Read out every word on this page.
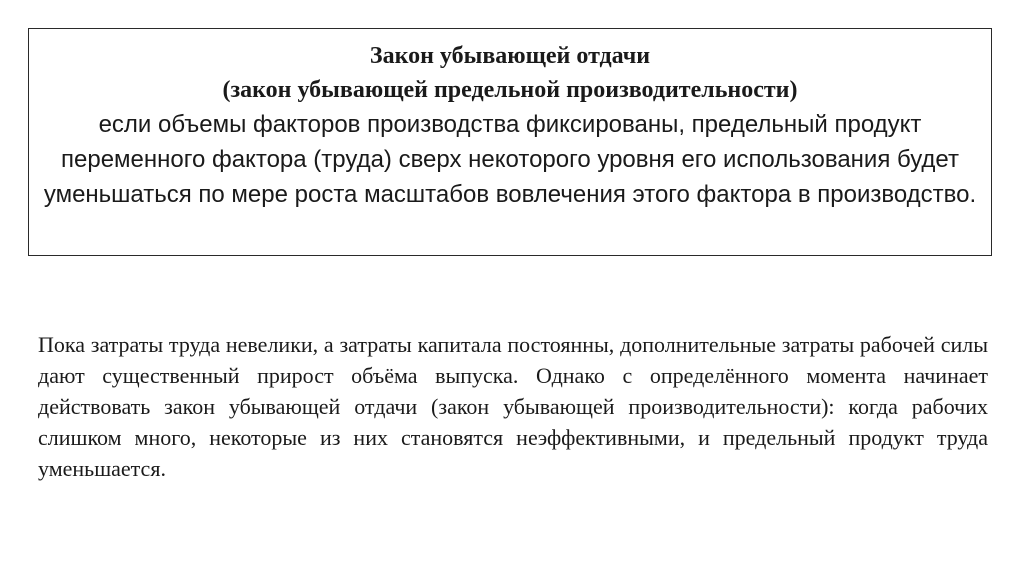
Закон убывающей отдачи
(закон убывающей предельной производительности)
если объемы факторов производства фиксированы, предельный продукт переменного фактора (труда) сверх некоторого уровня его использования будет уменьшаться по мере роста масштабов вовлечения этого фактора в производство.

Пока затраты труда невелики, а затраты капитала постоянны, дополнительные затраты рабочей силы дают существенный прирост объёма выпуска. Однако с определённого момента начинает действовать закон убывающей отдачи (закон убывающей производительности): когда рабочих слишком много, некоторые из них становятся неэффективными, и предельный продукт труда уменьшается.
